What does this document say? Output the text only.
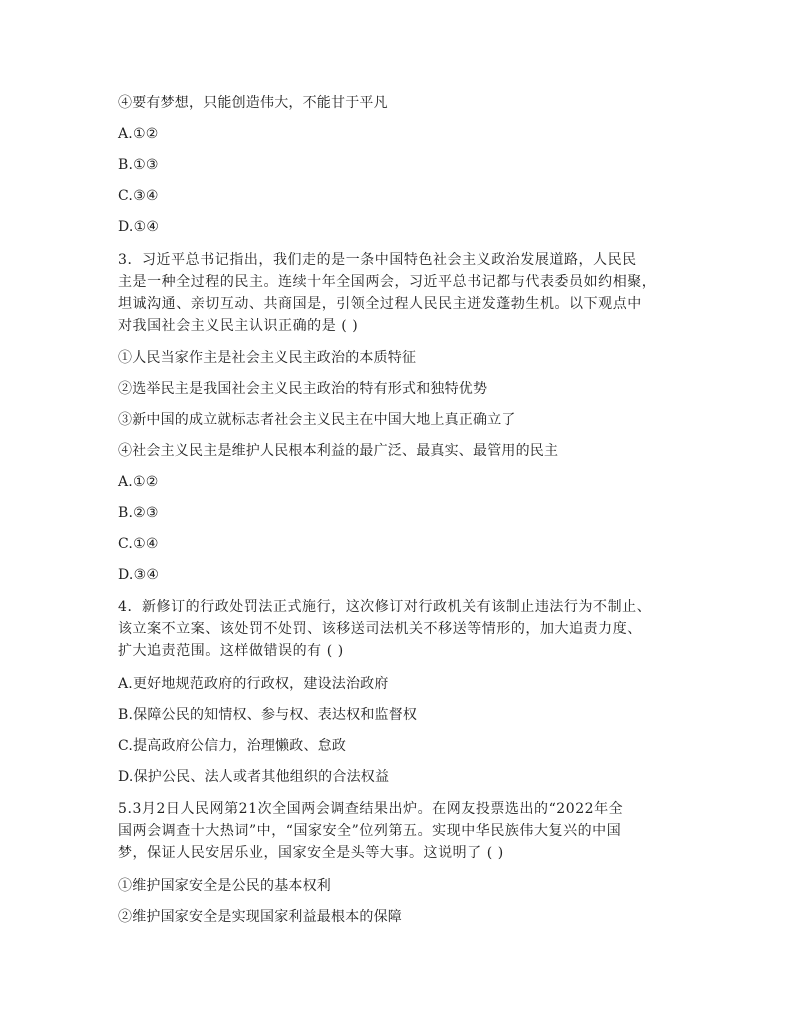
④要有梦想，只能创造伟大，不能甘于平凡
A.①②
B.①③
C.③④
D.①④
3．习近平总书记指出，我们走的是一条中国特色社会主义政治发展道路，人民民
主是一种全过程的民主。连续十年全国两会，习近平总书记都与代表委员如约相聚，
坦诚沟通、亲切互动、共商国是，引领全过程人民民主迸发蓬勃生机。以下观点中
对我国社会主义民主认识正确的是 ( )
①人民当家作主是社会主义民主政治的本质特征
②选举民主是我国社会主义民主政治的特有形式和独特优势
③新中国的成立就标志者社会主义民主在中国大地上真正确立了
④社会主义民主是维护人民根本利益的最广泛、最真实、最管用的民主
A.①②
B.②③
C.①④
D.③④
4．新修订的行政处罚法正式施行，这次修订对行政机关有该制止违法行为不制止、
该立案不立案、该处罚不处罚、该移送司法机关不移送等情形的，加大追责力度、
扩大追责范围。这样做错误的有 ( )
A.更好地规范政府的行政权，建设法治政府
B.保障公民的知情权、参与权、表达权和监督权
C.提高政府公信力，治理懒政、怠政
D.保护公民、法人或者其他组织的合法权益
5.3月2日人民网第21次全国两会调查结果出炉。在网友投票选出的“2022年全
国两会调查十大热词”中，“国家安全”位列第五。实现中华民族伟大复兴的中国
梦，保证人民安居乐业，国家安全是头等大事。这说明了 ( )
①维护国家安全是公民的基本权利
②维护国家安全是实现国家利益最根本的保障
